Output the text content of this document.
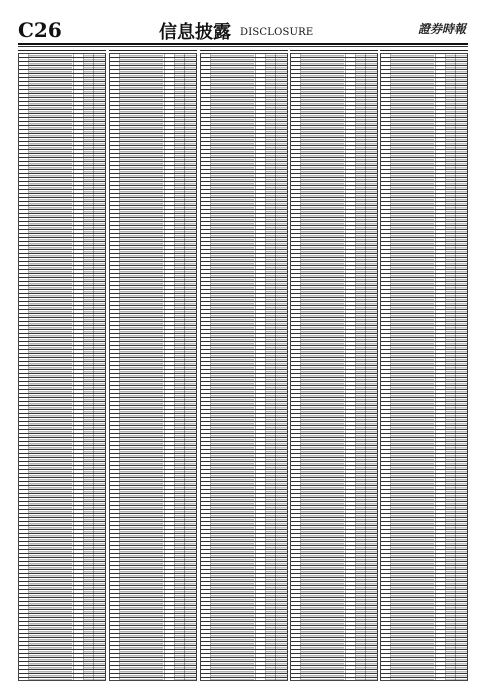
C26	信息披露 DISCLOSURE	證券時報
